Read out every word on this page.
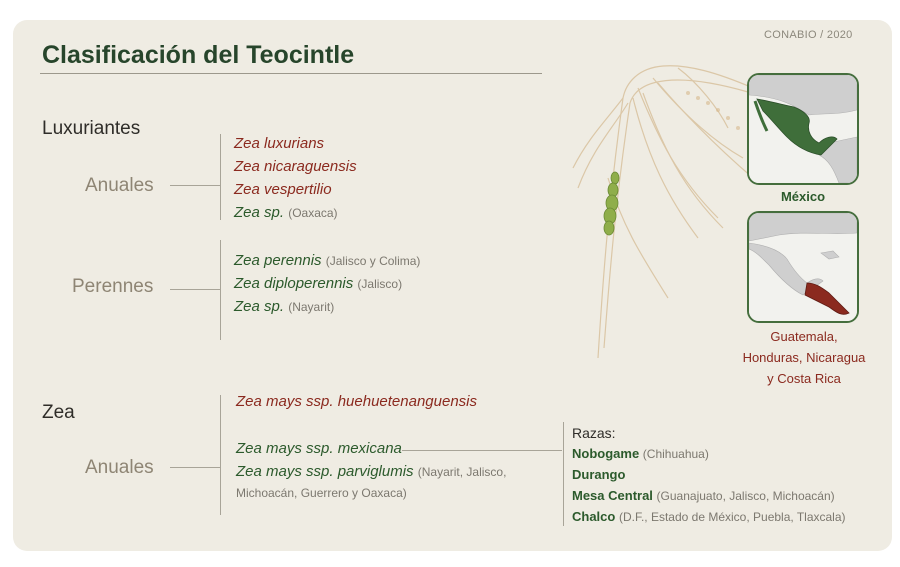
CONABIO / 2020
Clasificación del Teocintle
Luxuriantes
Anuales
Zea luxurians
Zea nicaraguensis
Zea vespertilio
Zea sp. (Oaxaca)
Perennes
Zea perennis (Jalisco y Colima)
Zea diploperennis (Jalisco)
Zea sp. (Nayarit)
Zea
Zea mays ssp. huehuetenanguensis
Anuales
Zea mays ssp. mexicana
Zea mays ssp. parviglumis (Nayarit, Jalisco,
Michoacán, Guerrero y Oaxaca)
Razas:
Nobogame (Chihuahua)
Durango
Mesa Central (Guanajuato, Jalisco, Michoacán)
Chalco (D.F., Estado de México, Puebla, Tlaxcala)
México
Guatemala,
Honduras, Nicaragua
y Costa Rica
